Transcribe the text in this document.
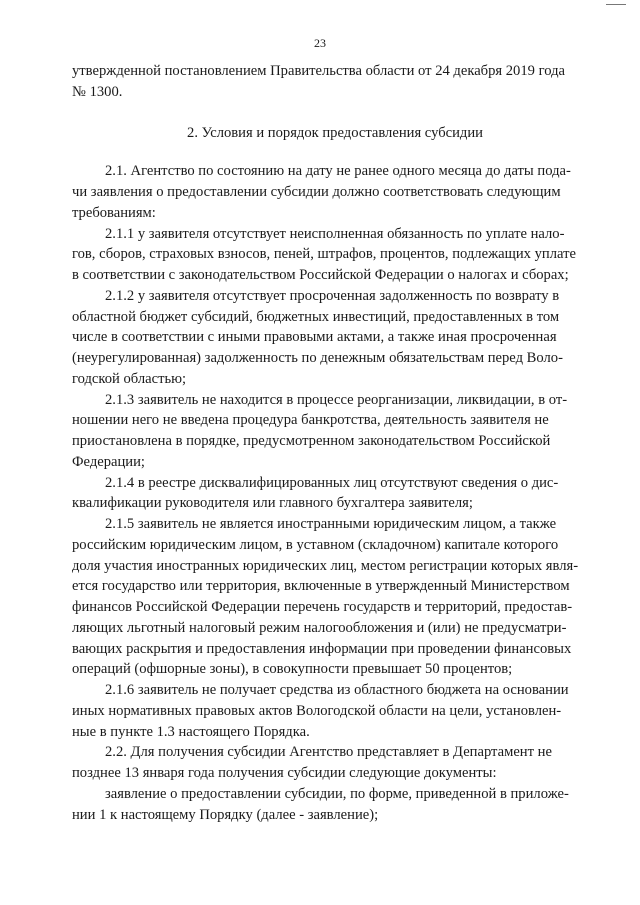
23
утвержденной постановлением Правительства области от 24 декабря 2019 года
№ 1300.
2. Условия и порядок предоставления субсидии
2.1. Агентство по состоянию на дату не ранее одного месяца до даты пода-
чи заявления о предоставлении субсидии должно соответствовать следующим
требованиям:
2.1.1 у заявителя отсутствует неисполненная обязанность по уплате нало-
гов, сборов, страховых взносов, пеней, штрафов, процентов, подлежащих уплате
в соответствии с законодательством Российской Федерации о налогах и сборах;
2.1.2 у заявителя отсутствует просроченная задолженность по возврату в
областной бюджет субсидий, бюджетных инвестиций, предоставленных в том
числе в соответствии с иными правовыми актами, а также иная просроченная
(неурегулированная) задолженность по денежным обязательствам перед Воло-
годской областью;
2.1.3 заявитель не находится в процессе реорганизации, ликвидации, в от-
ношении него не введена процедура банкротства, деятельность заявителя не
приостановлена в порядке, предусмотренном законодательством Российской
Федерации;
2.1.4 в реестре дисквалифицированных лиц отсутствуют сведения о дис-
квалификации руководителя или главного бухгалтера заявителя;
2.1.5 заявитель не является иностранными юридическим лицом, а также
российским юридическим лицом, в уставном (складочном) капитале которого
доля участия иностранных юридических лиц, местом регистрации которых явля-
ется государство или территория, включенные в утвержденный Министерством
финансов Российской Федерации перечень государств и территорий, предостав-
ляющих льготный налоговый режим налогообложения и (или) не предусматри-
вающих раскрытия и предоставления информации при проведении финансовых
операций (офшорные зоны), в совокупности превышает 50 процентов;
2.1.6 заявитель не получает средства из областного бюджета на основании
иных нормативных правовых актов Вологодской области на цели, установлен-
ные в пункте 1.3 настоящего Порядка.
2.2. Для получения субсидии Агентство представляет в Департамент не
позднее 13 января года получения субсидии следующие документы:
заявление о предоставлении субсидии, по форме, приведенной в приложе-
нии 1 к настоящему Порядку (далее - заявление);
